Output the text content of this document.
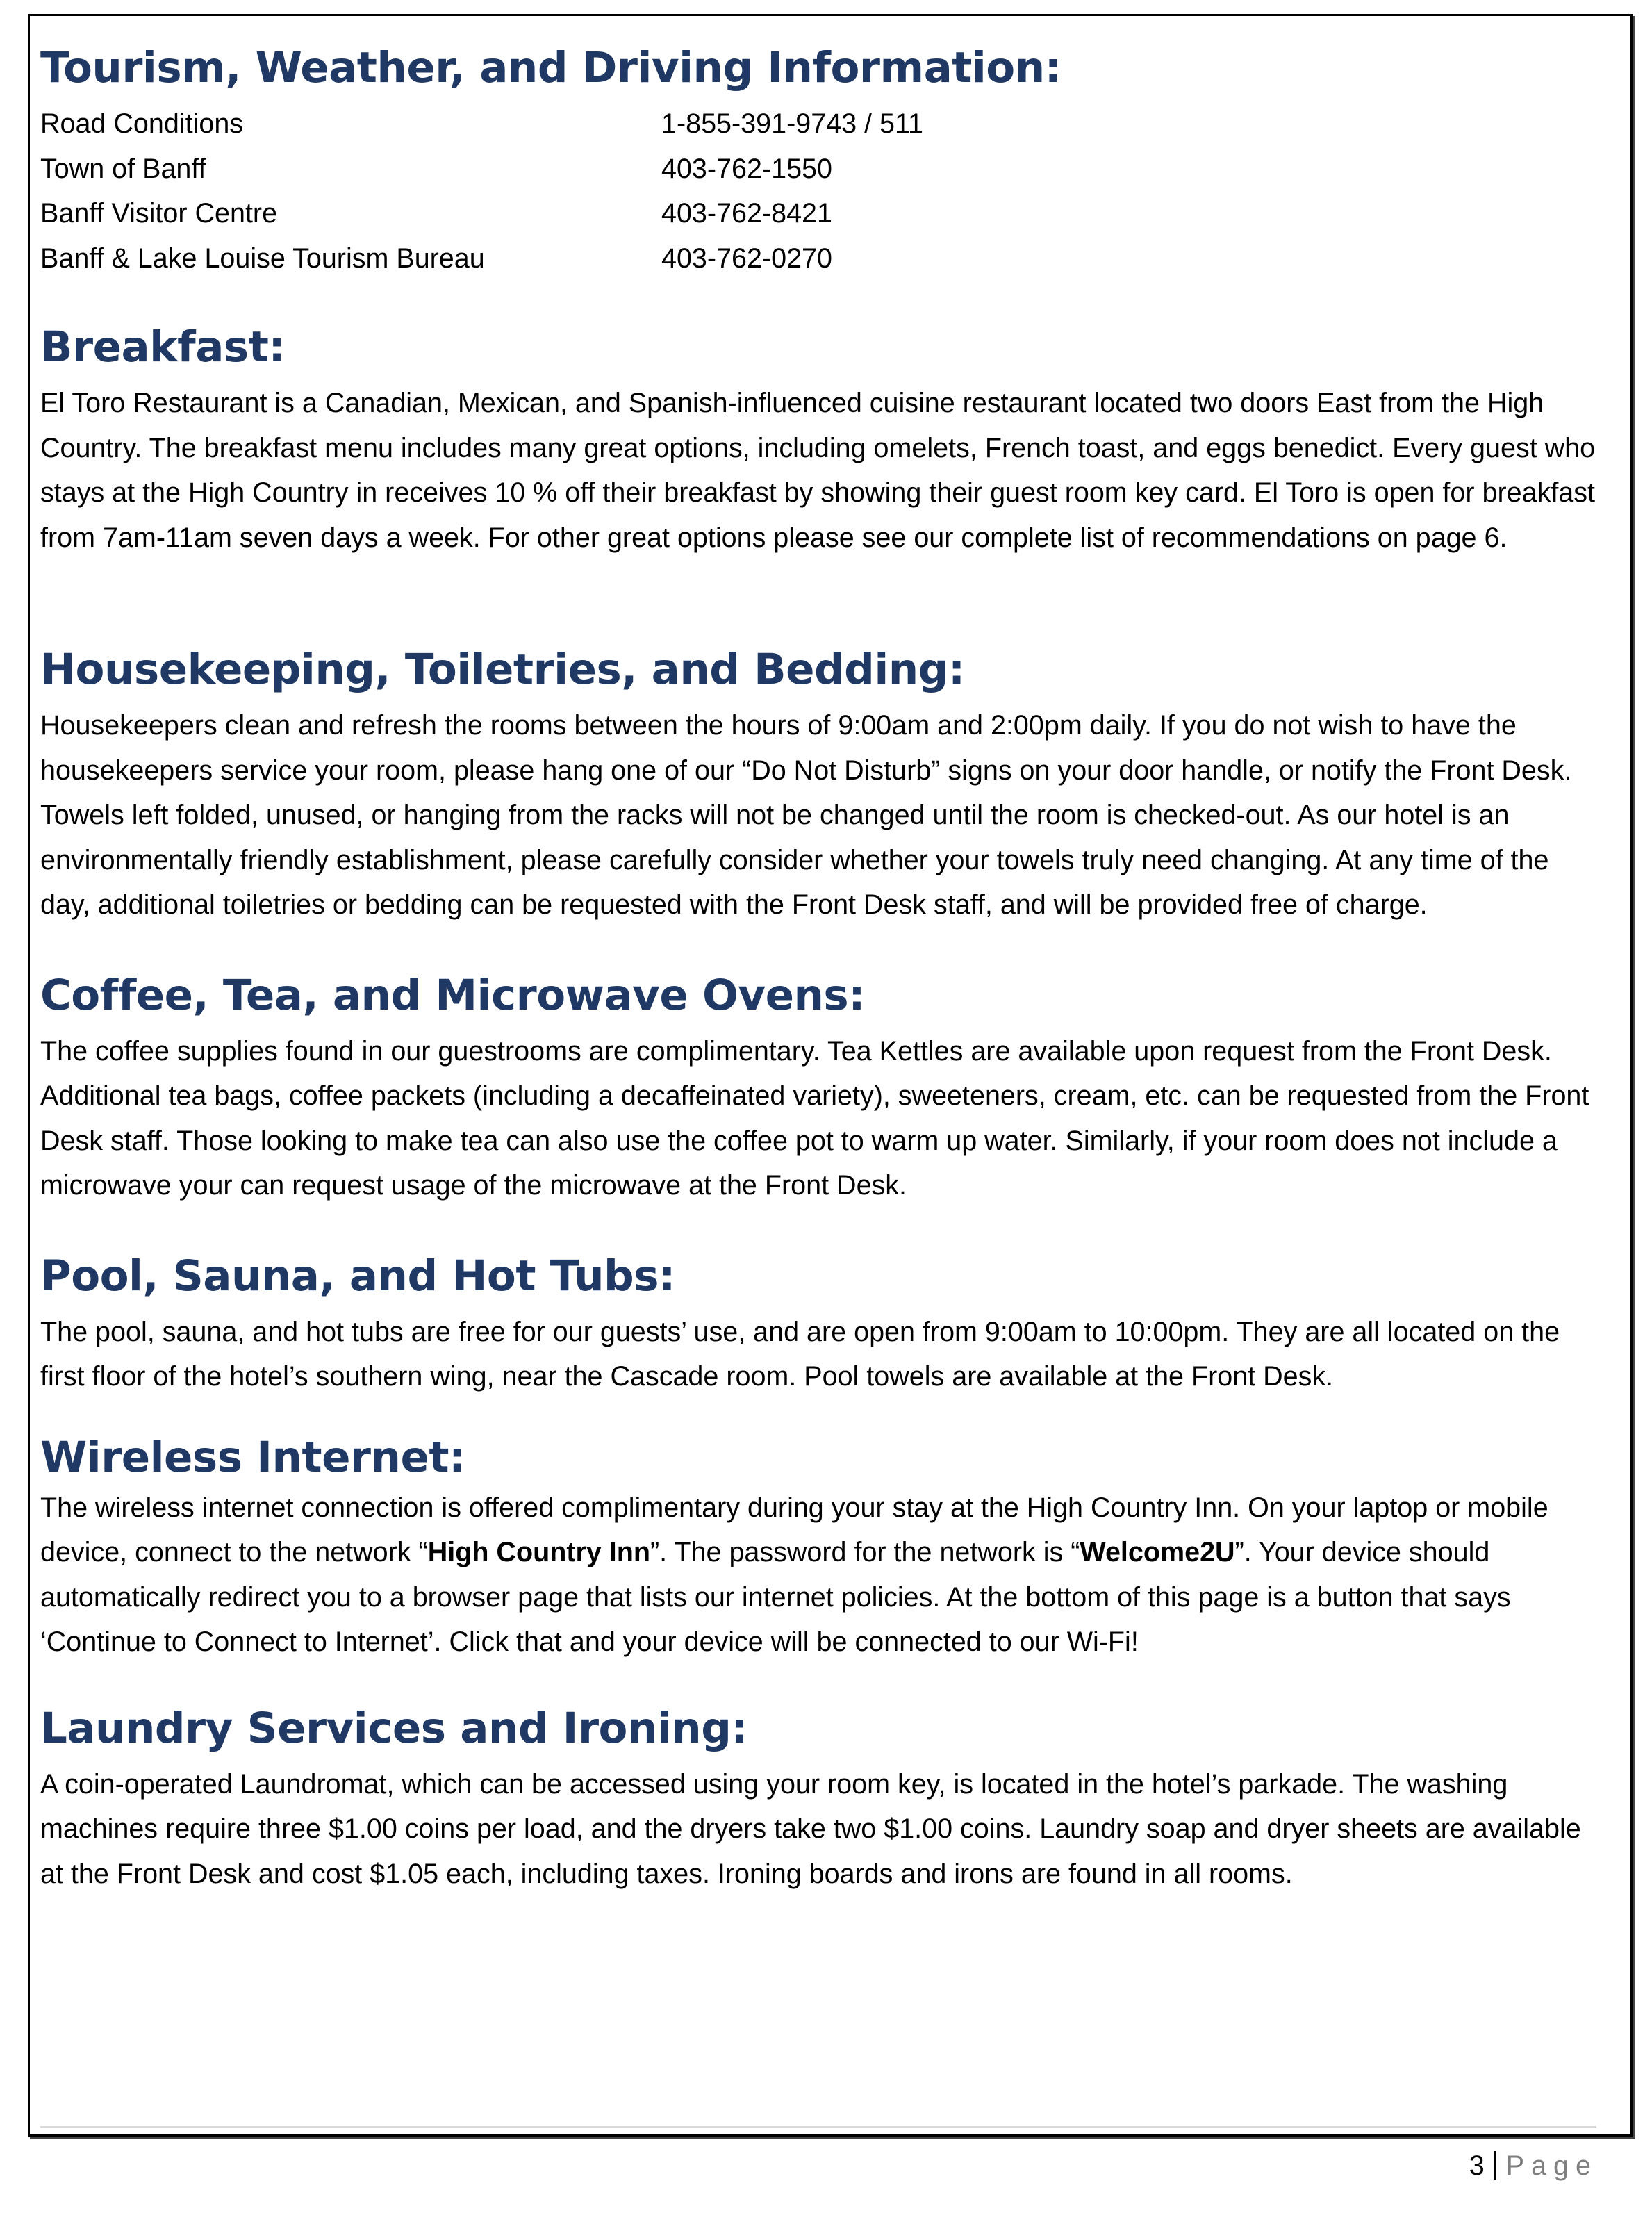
Tourism, Weather, and Driving Information:
Road Conditions	1-855-391-9743 / 511
Town of Banff	403-762-1550
Banff Visitor Centre	403-762-8421
Banff & Lake Louise Tourism Bureau	403-762-0270
Breakfast:

El Toro Restaurant is a Canadian, Mexican, and Spanish-influenced cuisine restaurant located two doors East from the High Country. The breakfast menu includes many great options, including omelets, French toast, and eggs benedict. Every guest who stays at the High Country in receives 10 % off their breakfast by showing their guest room key card. El Toro is open for breakfast from 7am-11am seven days a week. For other great options please see our complete list of recommendations on page 6.

Housekeeping, Toiletries, and Bedding:

Housekeepers clean and refresh the rooms between the hours of 9:00am and 2:00pm daily. If you do not wish to have the housekeepers service your room, please hang one of our “Do Not Disturb” signs on your door handle, or notify the Front Desk. Towels left folded, unused, or hanging from the racks will not be changed until the room is checked-out. As our hotel is an environmentally friendly establishment, please carefully consider whether your towels truly need changing. At any time of the day, additional toiletries or bedding can be requested with the Front Desk staff, and will be provided free of charge.

Coffee, Tea, and Microwave Ovens:

The coffee supplies found in our guestrooms are complimentary. Tea Kettles are available upon request from the Front Desk. Additional tea bags, coffee packets (including a decaffeinated variety), sweeteners, cream, etc. can be requested from the Front Desk staff. Those looking to make tea can also use the coffee pot to warm up water. Similarly, if your room does not include a microwave your can request usage of the microwave at the Front Desk.

Pool, Sauna, and Hot Tubs:

The pool, sauna, and hot tubs are free for our guests’ use, and are open from 9:00am to 10:00pm. They are all located on the first floor of the hotel’s southern wing, near the Cascade room. Pool towels are available at the Front Desk.

Wireless Internet:

The wireless internet connection is offered complimentary during your stay at the High Country Inn. On your laptop or mobile device, connect to the network “High Country Inn”. The password for the network is “Welcome2U”. Your device should automatically redirect you to a browser page that lists our internet policies. At the bottom of this page is a button that says ‘Continue to Connect to Internet’. Click that and your device will be connected to our Wi-Fi!

Laundry Services and Ironing:

A coin-operated Laundromat, which can be accessed using your room key, is located in the hotel’s parkade. The washing machines require three $1.00 coins per load, and the dryers take two $1.00 coins. Laundry soap and dryer sheets are available at the Front Desk and cost $1.05 each, including taxes. Ironing boards and irons are found in all rooms.

3 Page
